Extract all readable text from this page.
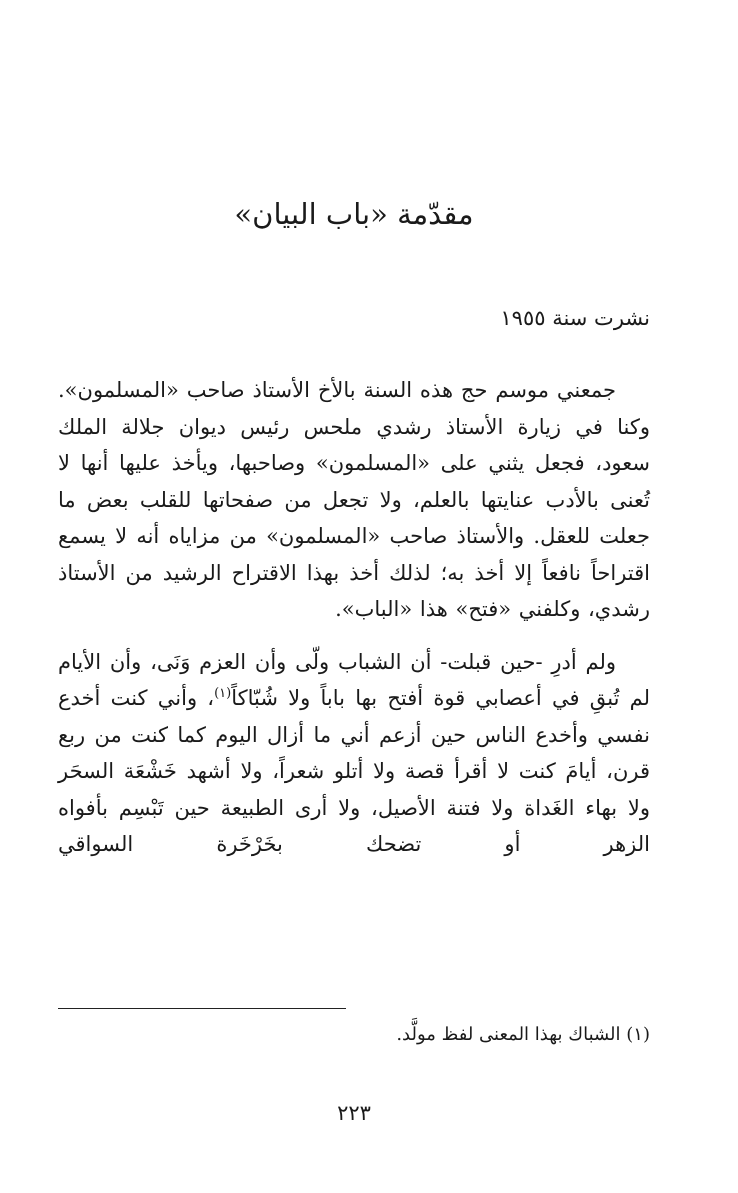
مقدّمة «باب البيان»

نشرت سنة ١٩٥٥

جمعني موسم حج هذه السنة بالأخ الأستاذ صاحب «المسلمون». وكنا في زيارة الأستاذ رشدي ملحس رئيس ديوان جلالة الملك سعود، فجعل يثني على «المسلمون» وصاحبها، ويأخذ عليها أنها لا تُعنى بالأدب عنايتها بالعلم، ولا تجعل من صفحاتها للقلب بعض ما جعلت للعقل. والأستاذ صاحب «المسلمون» من مزاياه أنه لا يسمع اقتراحاً نافعاً إلا أخذ به؛ لذلك أخذ بهذا الاقتراح الرشيد من الأستاذ رشدي، وكلفني «فتح» هذا «الباب».

ولم أدرِ -حين قبلت- أن الشباب ولّى وأن العزم وَنَى، وأن الأيام لم تُبقِ في أعصابي قوة أفتح بها باباً ولا شُبّاكاً$^{(١)}$، وأني كنت أخدع نفسي وأخدع الناس حين أزعم أني ما أزال اليوم كما كنت من ربع قرن، أيامَ كنت لا أقرأ قصة ولا أتلو شعراً، ولا أشهد خَشْعَة السحَر ولا بهاء الغَداة ولا فتنة الأصيل، ولا أرى الطبيعة حين تَبْسِم بأفواه الزهر أو تضحك بخَرْخَرة السواقي

(١) الشباك بهذا المعنى لفظ مولَّد.

٢٢٣
